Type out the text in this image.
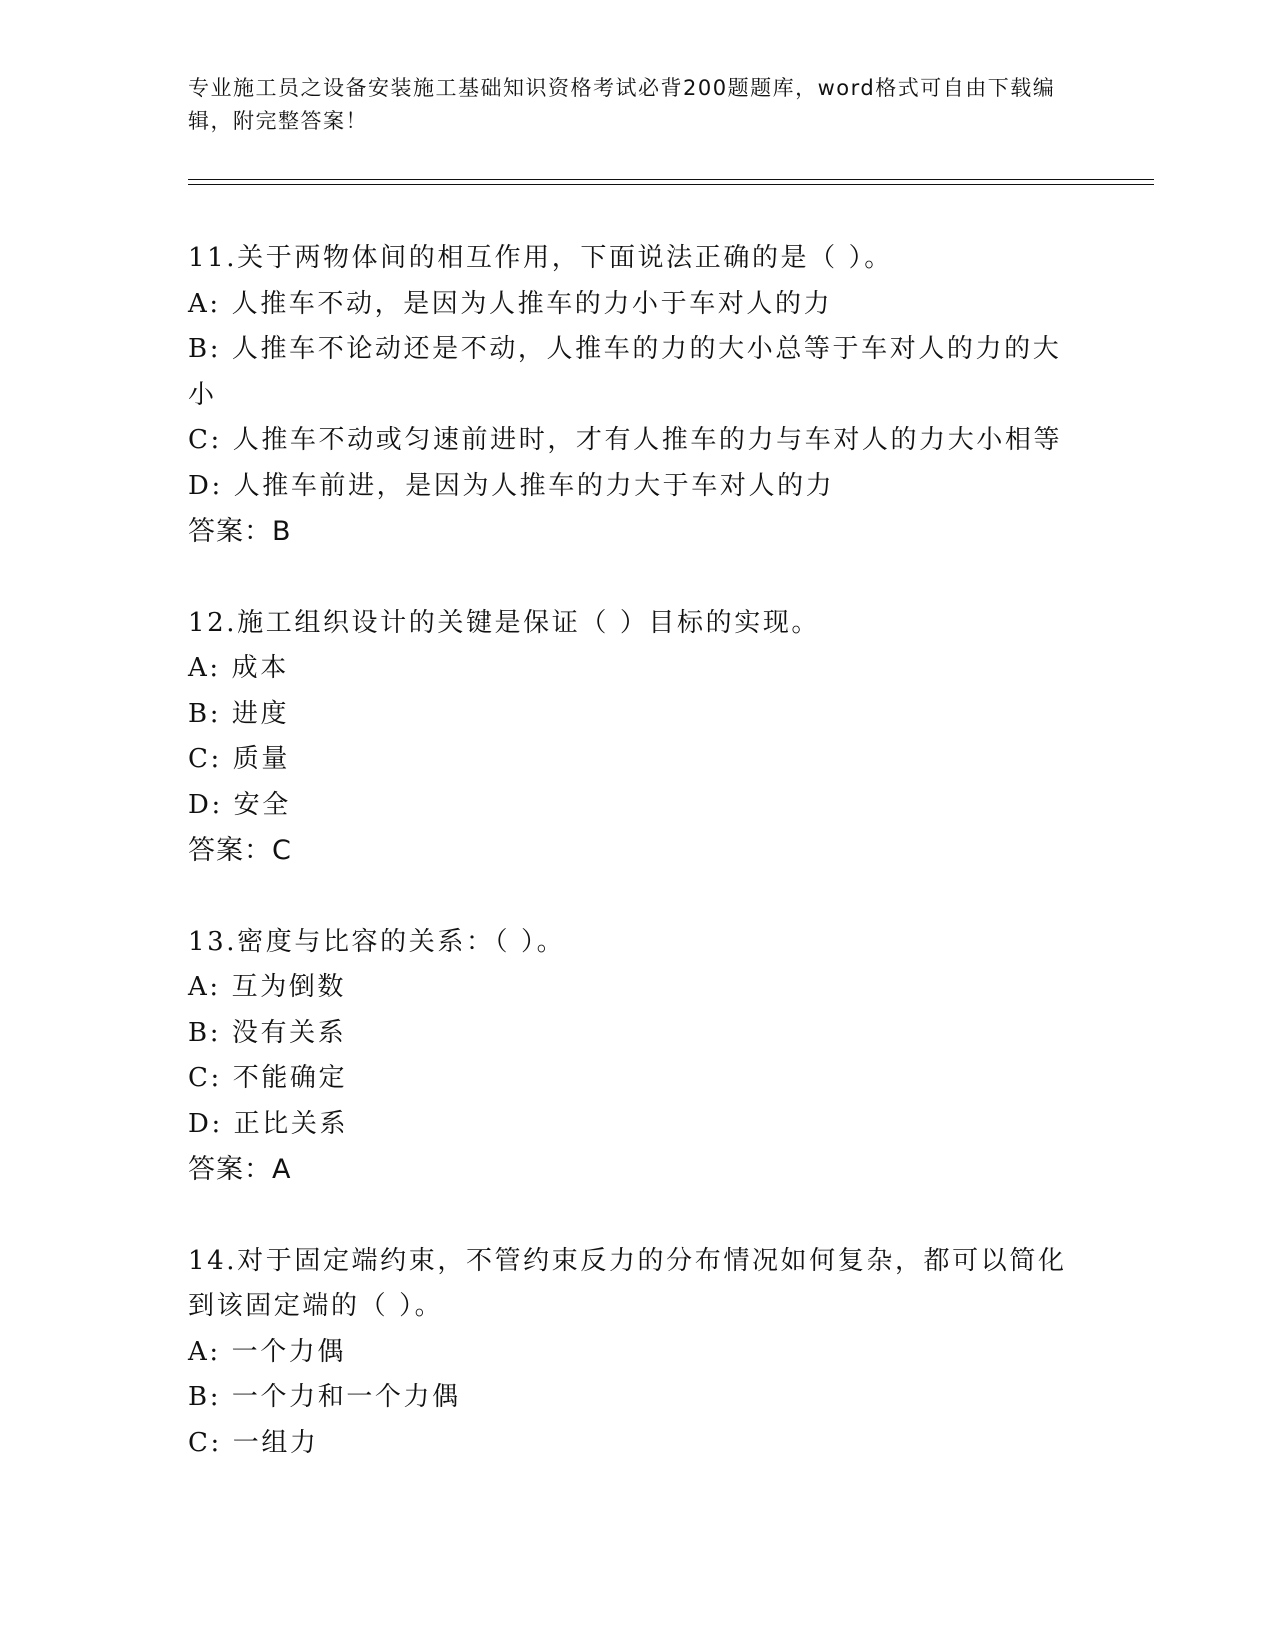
专业施工员之设备安装施工基础知识资格考试必背200题题库，word格式可自由下载编辑，附完整答案！
11.关于两物体间的相互作用，下面说法正确的是（ ）。
A: 人推车不动，是因为人推车的力小于车对人的力
B: 人推车不论动还是不动，人推车的力的大小总等于车对人的力的大小
C: 人推车不动或匀速前进时，才有人推车的力与车对人的力大小相等
D: 人推车前进，是因为人推车的力大于车对人的力
答案：B
12.施工组织设计的关键是保证（ ）目标的实现。
A: 成本
B: 进度
C: 质量
D: 安全
答案：C
13.密度与比容的关系：（ ）。
A: 互为倒数
B: 没有关系
C: 不能确定
D: 正比关系
答案：A
14.对于固定端约束，不管约束反力的分布情况如何复杂，都可以简化到该固定端的（ ）。
A: 一个力偶
B: 一个力和一个力偶
C: 一组力
